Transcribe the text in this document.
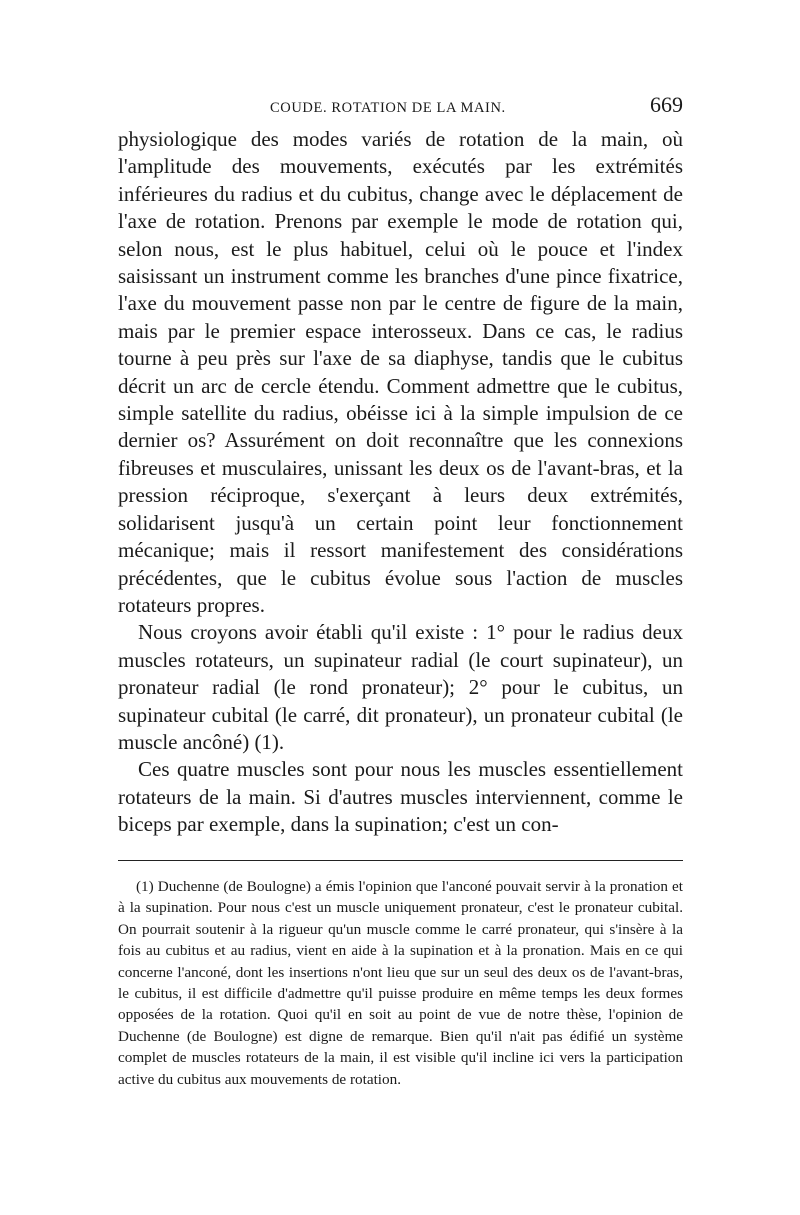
COUDE. ROTATION DE LA MAIN.	669

physiologique des modes variés de rotation de la main, où l'amplitude des mouvements, exécutés par les extrémités inférieures du radius et du cubitus, change avec le déplacement de l'axe de rotation. Prenons par exemple le mode de rotation qui, selon nous, est le plus habituel, celui où le pouce et l'index saisissant un instrument comme les branches d'une pince fixatrice, l'axe du mouvement passe non par le centre de figure de la main, mais par le premier espace interosseux. Dans ce cas, le radius tourne à peu près sur l'axe de sa diaphyse, tandis que le cubitus décrit un arc de cercle étendu. Comment admettre que le cubitus, simple satellite du radius, obéisse ici à la simple impulsion de ce dernier os? Assurément on doit reconnaître que les connexions fibreuses et musculaires, unissant les deux os de l'avant-bras, et la pression réciproque, s'exerçant à leurs deux extrémités, solidarisent jusqu'à un certain point leur fonctionnement mécanique; mais il ressort manifestement des considérations précédentes, que le cubitus évolue sous l'action de muscles rotateurs propres.

Nous croyons avoir établi qu'il existe : 1° pour le radius deux muscles rotateurs, un supinateur radial (le court supinateur), un pronateur radial (le rond pronateur); 2° pour le cubitus, un supinateur cubital (le carré, dit pronateur), un pronateur cubital (le muscle ancôné) (1).

Ces quatre muscles sont pour nous les muscles essentiellement rotateurs de la main. Si d'autres muscles interviennent, comme le biceps par exemple, dans la supination; c'est un con-

(1) Duchenne (de Boulogne) a émis l'opinion que l'anconé pouvait servir à la pronation et à la supination. Pour nous c'est un muscle uniquement pronateur, c'est le pronateur cubital. On pourrait soutenir à la rigueur qu'un muscle comme le carré pronateur, qui s'insère à la fois au cubitus et au radius, vient en aide à la supination et à la pronation. Mais en ce qui concerne l'anconé, dont les insertions n'ont lieu que sur un seul des deux os de l'avant-bras, le cubitus, il est difficile d'admettre qu'il puisse produire en même temps les deux formes opposées de la rotation. Quoi qu'il en soit au point de vue de notre thèse, l'opinion de Duchenne (de Boulogne) est digne de remarque. Bien qu'il n'ait pas édifié un système complet de muscles rotateurs de la main, il est visible qu'il incline ici vers la participation active du cubitus aux mouvements de rotation.
